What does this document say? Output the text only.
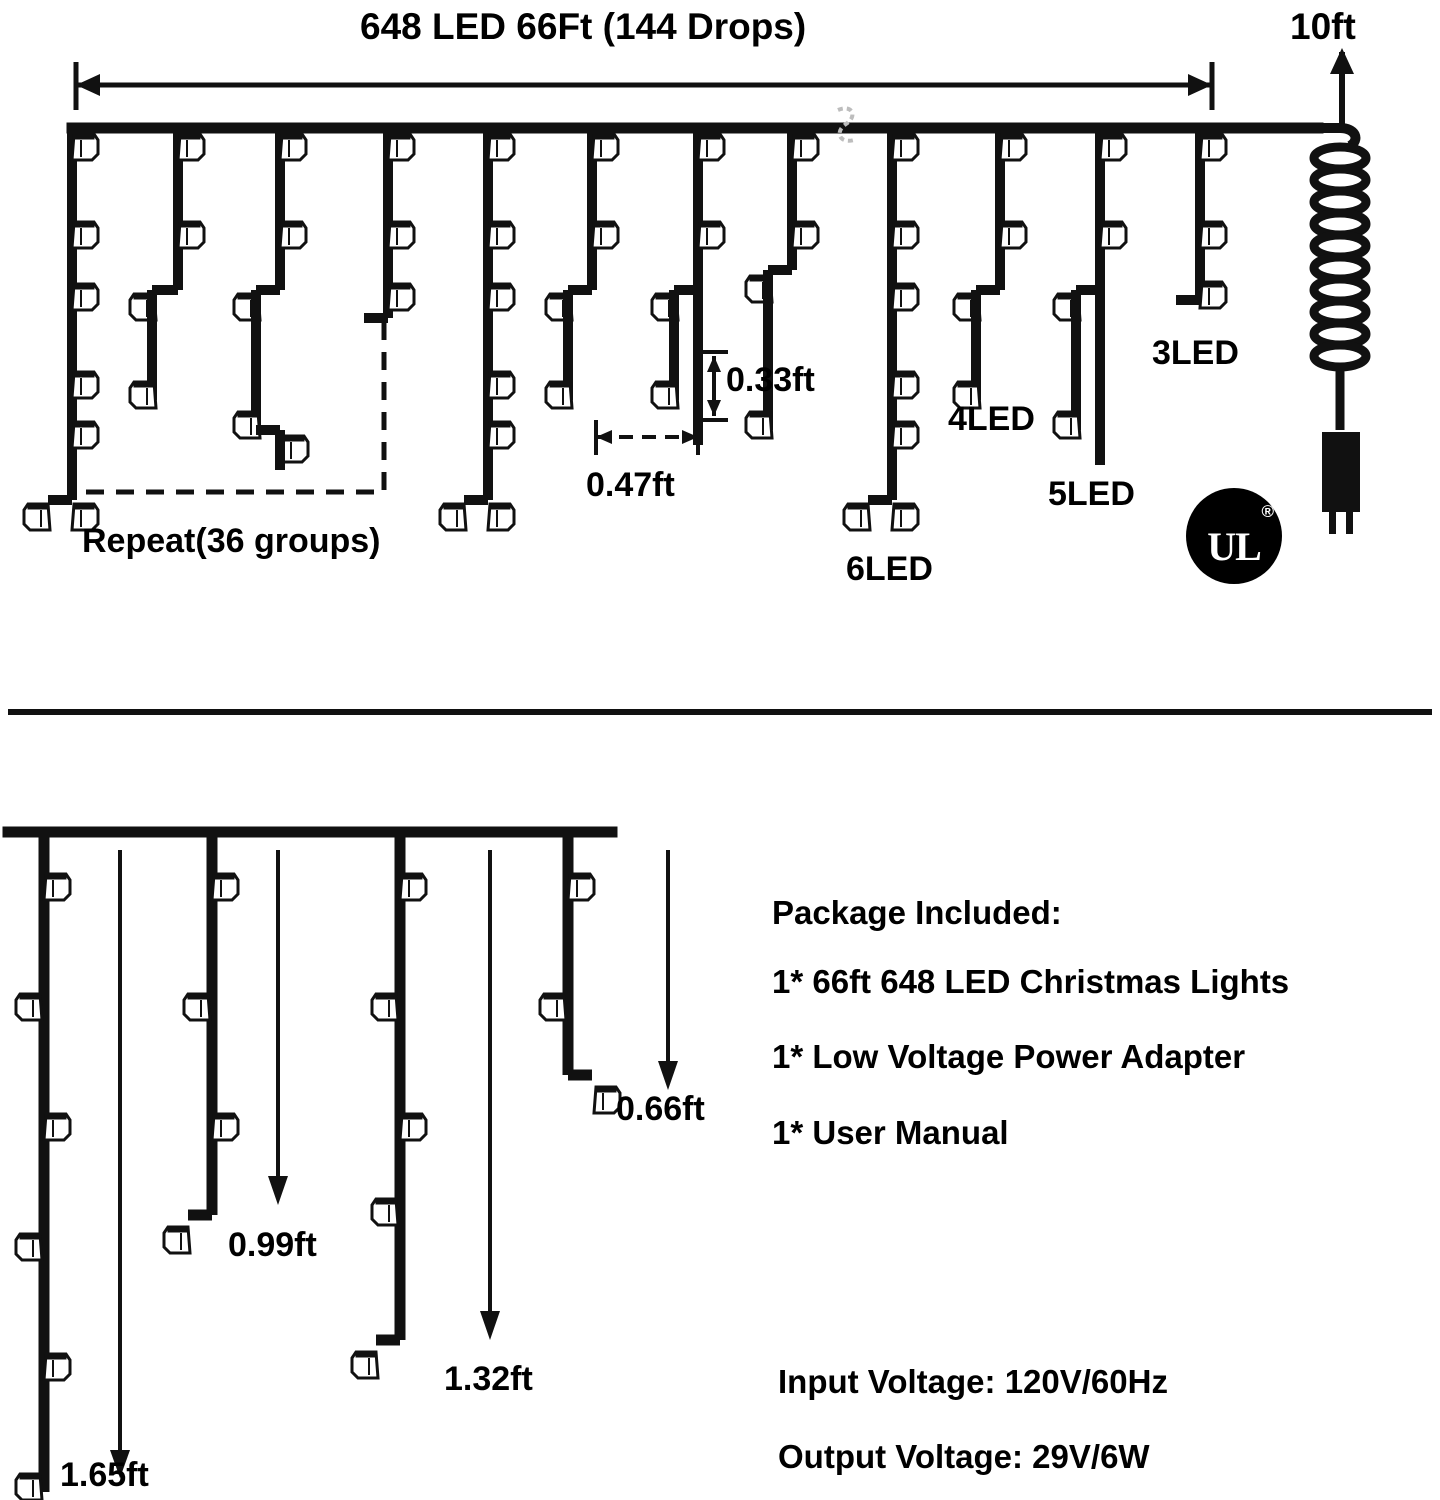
648 LED 66Ft (144 Drops)	10ft
0.33ft
0.47ft
Repeat(36 groups)
6LED
5LED
4LED
3LED
UL
®
0.66ft
0.99ft
1.32ft
1.65ft
Package Included:
1* 66ft 648 LED Christmas Lights
1* Low Voltage Power Adapter
1* User Manual
Input Voltage: 120V/60Hz
Output Voltage: 29V/6W
